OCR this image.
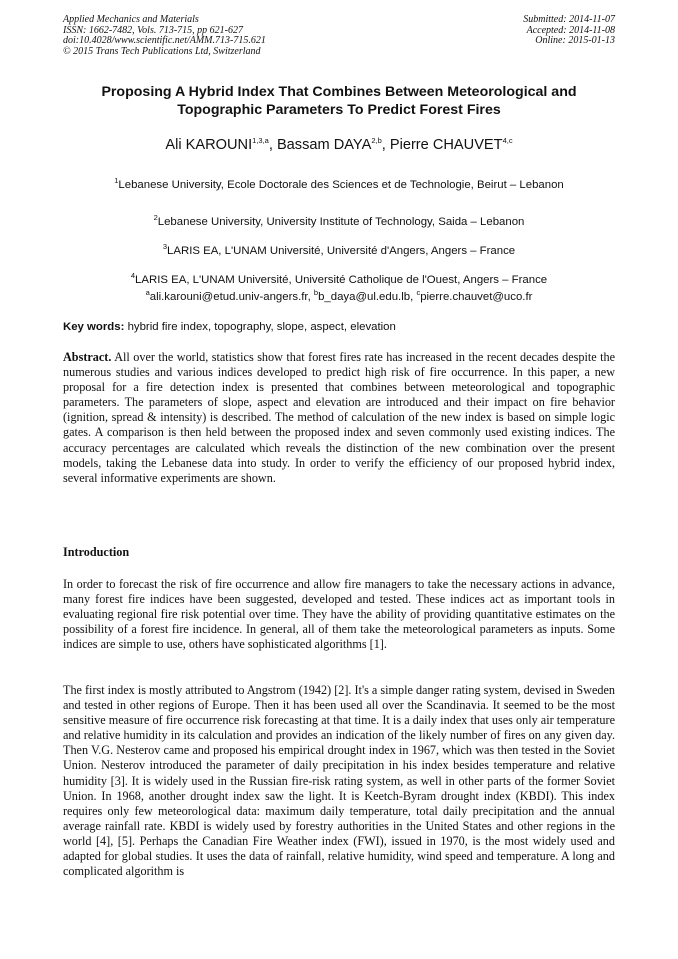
Applied Mechanics and Materials
ISSN: 1662-7482, Vols. 713-715, pp 621-627
doi:10.4028/www.scientific.net/AMM.713-715.621
© 2015 Trans Tech Publications Ltd, Switzerland
Submitted: 2014-11-07
Accepted: 2014-11-08
Online: 2015-01-13
Proposing A Hybrid Index That Combines Between Meteorological and
Topographic Parameters To Predict Forest Fires
Ali KAROUNI$^{1,3,a}$, Bassam DAYA$^{2,b}$, Pierre CHAUVET$^{4,c}$
$^1$Lebanese University, Ecole Doctorale des Sciences et de Technologie, Beirut – Lebanon
$^2$Lebanese University, University Institute of Technology, Saida – Lebanon
$^3$LARIS EA, L'UNAM Université, Université d'Angers, Angers – France
$^4$LARIS EA, L'UNAM Université, Université Catholique de l'Ouest, Angers – France
$^a$ali.karouni@etud.univ-angers.fr, $^b$b_daya@ul.edu.lb, $^c$pierre.chauvet@uco.fr
Key words: hybrid fire index, topography, slope, aspect, elevation
Abstract. All over the world, statistics show that forest fires rate has increased in the recent decades despite the numerous studies and various indices developed to predict high risk of fire occurrence. In this paper, a new proposal for a fire detection index is presented that combines between meteorological and topographic parameters. The parameters of slope, aspect and elevation are introduced and their impact on fire behavior (ignition, spread & intensity) is described. The method of calculation of the new index is based on simple logic gates. A comparison is then held between the proposed index and seven commonly used existing indices. The accuracy percentages are calculated which reveals the distinction of the new combination over the present models, taking the Lebanese data into study. In order to verify the efficiency of our proposed hybrid index, several informative experiments are shown.
Introduction
In order to forecast the risk of fire occurrence and allow fire managers to take the necessary actions in advance, many forest fire indices have been suggested, developed and tested. These indices act as important tools in evaluating regional fire risk potential over time. They have the ability of providing quantitative estimates on the possibility of a forest fire incidence. In general, all of them take the meteorological parameters as inputs. Some indices are simple to use, others have sophisticated algorithms [1].
The first index is mostly attributed to Angstrom (1942) [2]. It's a simple danger rating system, devised in Sweden and tested in other regions of Europe. Then it has been used all over the Scandinavia. It seemed to be the most sensitive measure of fire occurrence risk forecasting at that time. It is a daily index that uses only air temperature and relative humidity in its calculation and provides an indication of the likely number of fires on any given day. Then V.G. Nesterov came and proposed his empirical drought index in 1967, which was then tested in the Soviet Union. Nesterov introduced the parameter of daily precipitation in his index besides temperature and relative humidity [3]. It is widely used in the Russian fire-risk rating system, as well in other parts of the former Soviet Union. In 1968, another drought index saw the light. It is Keetch-Byram drought index (KBDI). This index requires only few meteorological data: maximum daily temperature, total daily precipitation and the annual average rainfall rate. KBDI is widely used by forestry authorities in the United States and other regions in the world [4], [5]. Perhaps the Canadian Fire Weather index (FWI), issued in 1970, is the most widely used and adapted for global studies. It uses the data of rainfall, relative humidity, wind speed and temperature. A long and complicated algorithm is
